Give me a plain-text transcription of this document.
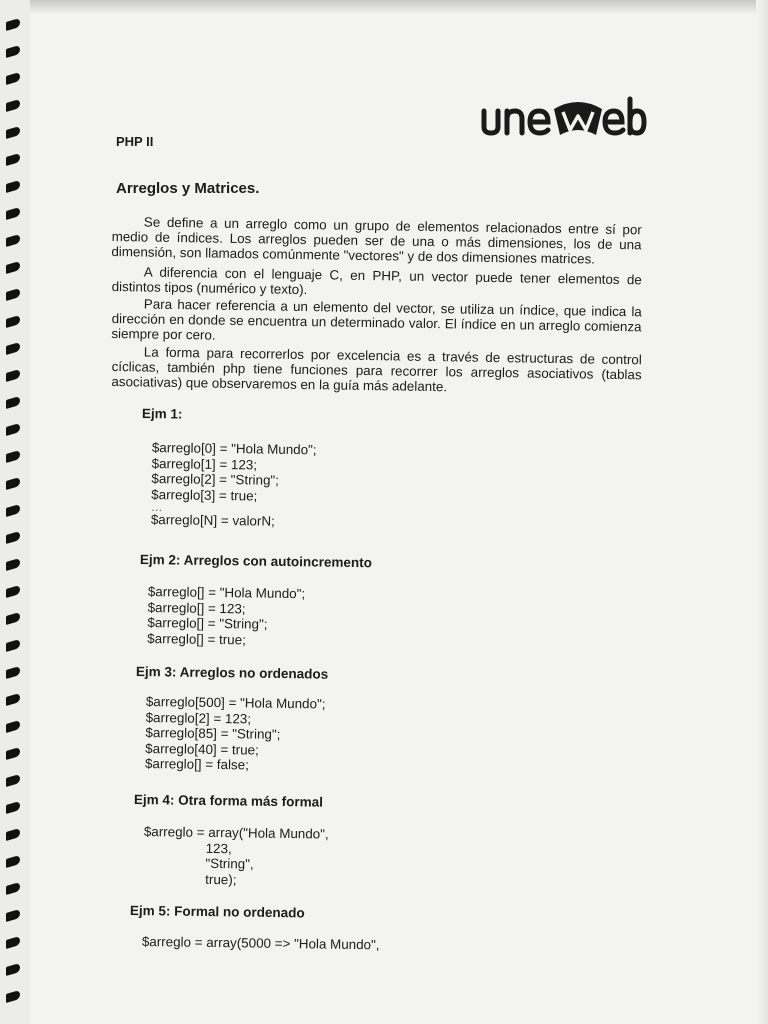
PHP II
Arreglos y Matrices.
Se define a un arreglo como un grupo de elementos relacionados entre sí por medio de índices. Los arreglos pueden ser de una o más dimensiones, los de una dimensión, son llamados comúnmente "vectores" y de dos dimensiones matrices.
A diferencia con el lenguaje C, en PHP, un vector puede tener elementos de distintos tipos (numérico y texto).
Para hacer referencia a un elemento del vector, se utiliza un índice, que indica la dirección en donde se encuentra un determinado valor. El índice en un arreglo comienza siempre por cero.
La forma para recorrerlos por excelencia es a través de estructuras de control cíclicas, también php tiene funciones para recorrer los arreglos asociativos (tablas asociativas) que observaremos en la guía más adelante.
Ejm 1:
$arreglo[0] = "Hola Mundo";
$arreglo[1] = 123;
$arreglo[2] = "String";
$arreglo[3] = true;
...
$arreglo[N] = valorN;
Ejm 2: Arreglos con autoincremento
$arreglo[] = "Hola Mundo";
$arreglo[] = 123;
$arreglo[] = "String";
$arreglo[] = true;
Ejm 3: Arreglos no ordenados
$arreglo[500] = "Hola Mundo";
$arreglo[2] = 123;
$arreglo[85] = "String";
$arreglo[40] = true;
$arreglo[] = false;
Ejm 4: Otra forma más formal
$arreglo = array("Hola Mundo",
123,
"String",
true);
Ejm 5: Formal no ordenado
$arreglo = array(5000 => "Hola Mundo",
